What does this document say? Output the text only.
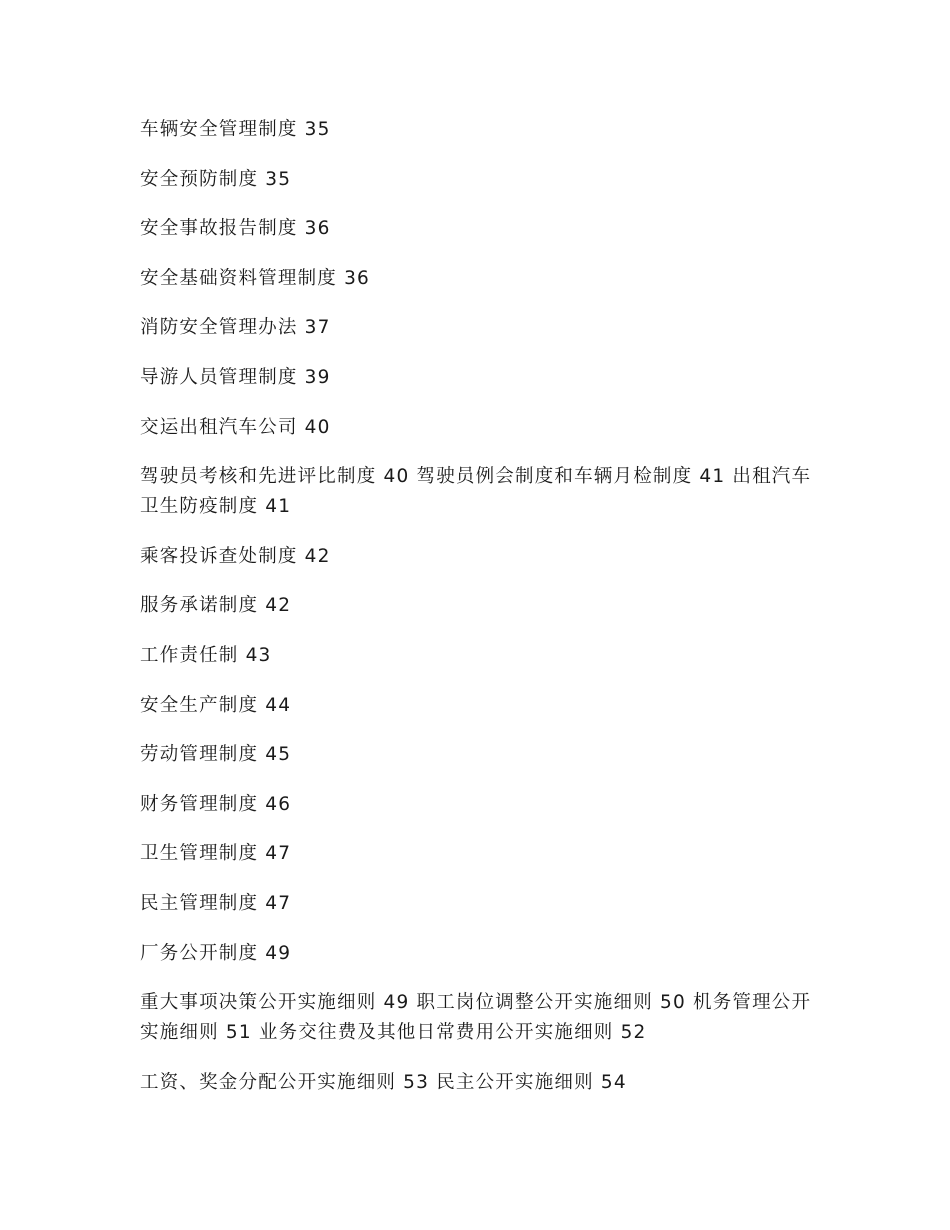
车辆安全管理制度 35
安全预防制度 35
安全事故报告制度 36
安全基础资料管理制度 36
消防安全管理办法 37
导游人员管理制度 39
交运出租汽车公司 40
驾驶员考核和先进评比制度 40 驾驶员例会制度和车辆月检制度 41 出租汽车卫生防疫制度 41
乘客投诉查处制度 42
服务承诺制度 42
工作责任制 43
安全生产制度 44
劳动管理制度 45
财务管理制度 46
卫生管理制度 47
民主管理制度 47
厂务公开制度 49
重大事项决策公开实施细则 49 职工岗位调整公开实施细则 50 机务管理公开实施细则 51 业务交往费及其他日常费用公开实施细则 52
工资、奖金分配公开实施细则 53 民主公开实施细则 54
